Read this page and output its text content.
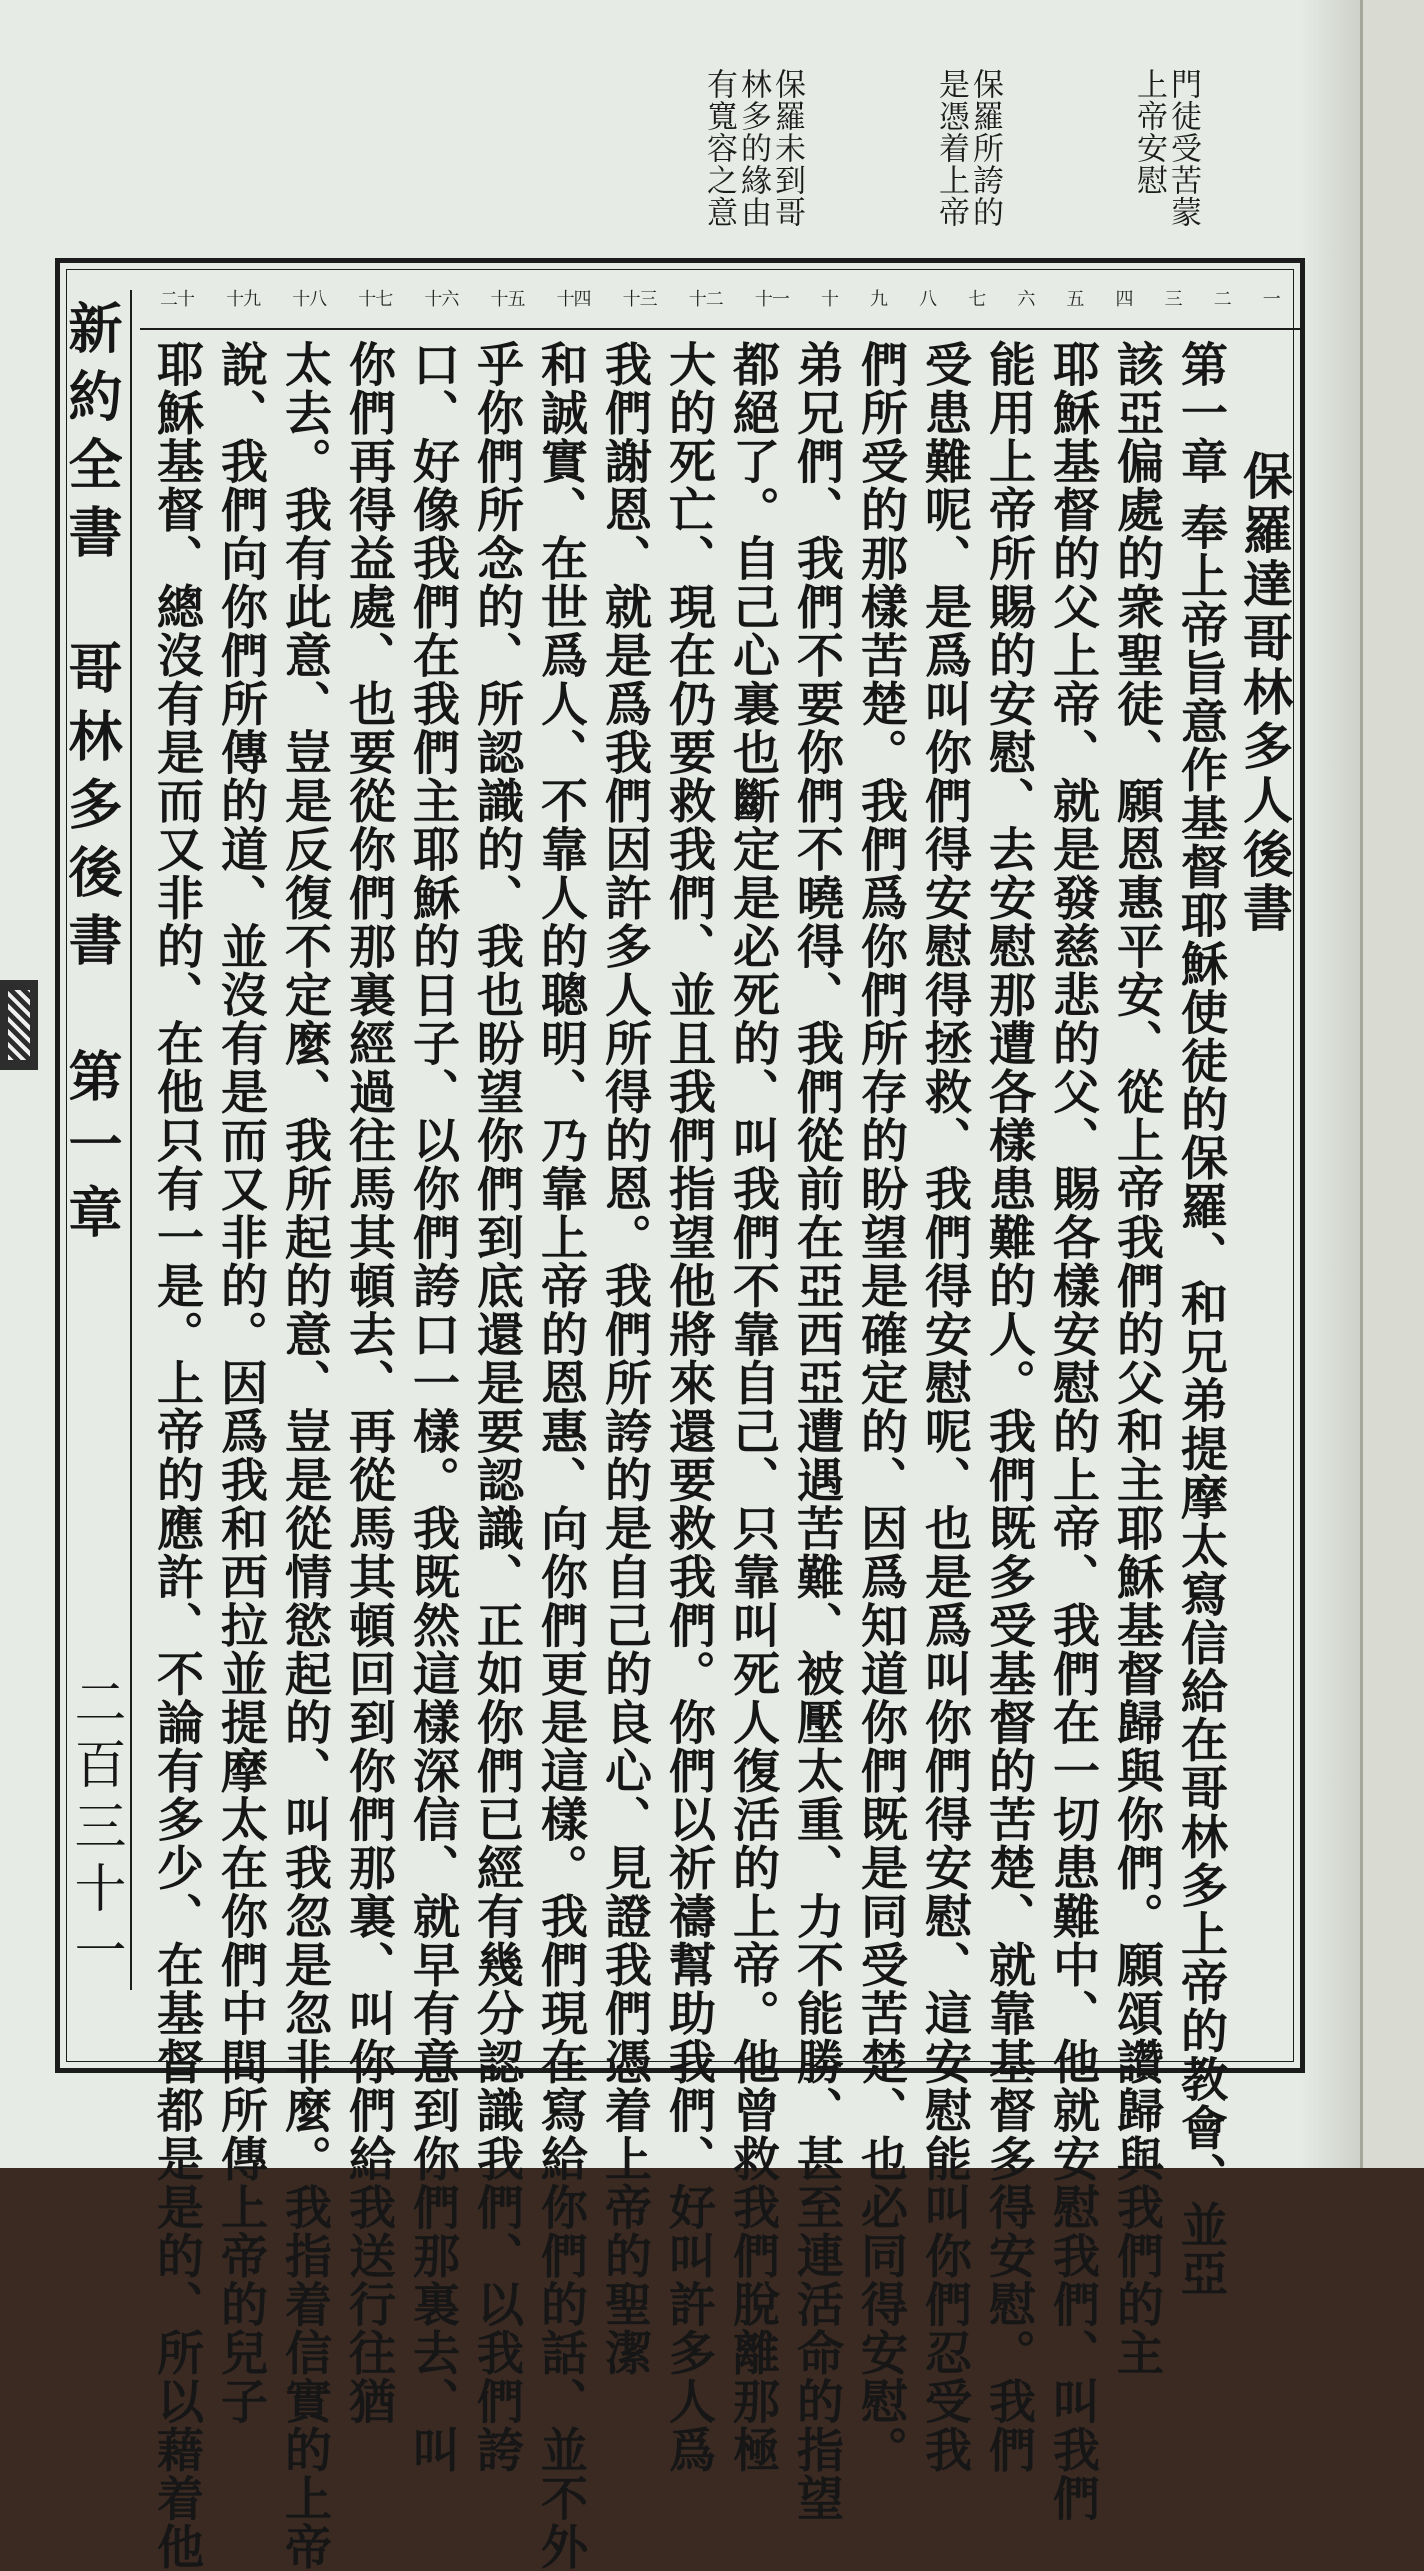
門徒受苦蒙
上帝安慰
保羅所誇的
是憑着上帝
保羅未到哥
林多的緣由
有寬容之意
一
二
三
四
五
六
七
八
九
十
十一
十二
十三
十四
十五
十六
十七
十八
十九
二十
新約全書　哥林多後書　第一章
二百三十一
保羅達哥林多人後書
第一章 奉上帝旨意作基督耶穌使徒的保羅、和兄弟提摩太寫信給在哥林多上帝的教會、並亞
該亞偏處的衆聖徒、願恩惠平安、從上帝我們的父和主耶穌基督歸與你們。願頌讚歸與我們的主
耶穌基督的父上帝、就是發慈悲的父、賜各樣安慰的上帝、我們在一切患難中、他就安慰我們、叫我們
能用上帝所賜的安慰、去安慰那遭各樣患難的人。我們既多受基督的苦楚、就靠基督多得安慰。我們
受患難呢、是爲叫你們得安慰得拯救、我們得安慰呢、也是爲叫你們得安慰、這安慰能叫你們忍受我
們所受的那樣苦楚。我們爲你們所存的盼望是確定的、因爲知道你們既是同受苦楚、也必同得安慰。
弟兄們、我們不要你們不曉得、我們從前在亞西亞遭遇苦難、被壓太重、力不能勝、甚至連活命的指望
都絕了。自己心裏也斷定是必死的、叫我們不靠自己、只靠叫死人復活的上帝。他曾救我們脫離那極
大的死亡、現在仍要救我們、並且我們指望他將來還要救我們。你們以祈禱幫助我們、好叫許多人爲
我們謝恩、就是爲我們因許多人所得的恩。我們所誇的是自己的良心、見證我們憑着上帝的聖潔
和誠實、在世爲人、不靠人的聰明、乃靠上帝的恩惠、向你們更是這樣。我們現在寫給你們的話、並不外
乎你們所念的、所認識的、我也盼望你們到底還是要認識、正如你們已經有幾分認識我們、以我們誇
口、好像我們在我們主耶穌的日子、以你們誇口一樣。我既然這樣深信、就早有意到你們那裏去、叫
你們再得益處、也要從你們那裏經過往馬其頓去、再從馬其頓回到你們那裏、叫你們給我送行往猶
太去。我有此意、豈是反復不定麼、我所起的意、豈是從情慾起的、叫我忽是忽非麼。我指着信實的上帝
說、我們向你們所傳的道、並沒有是而又非的。因爲我和西拉並提摩太在你們中間所傳上帝的兒子
耶穌基督、總沒有是而又非的、在他只有一是。上帝的應許、不論有多少、在基督都是是的、所以藉着他
